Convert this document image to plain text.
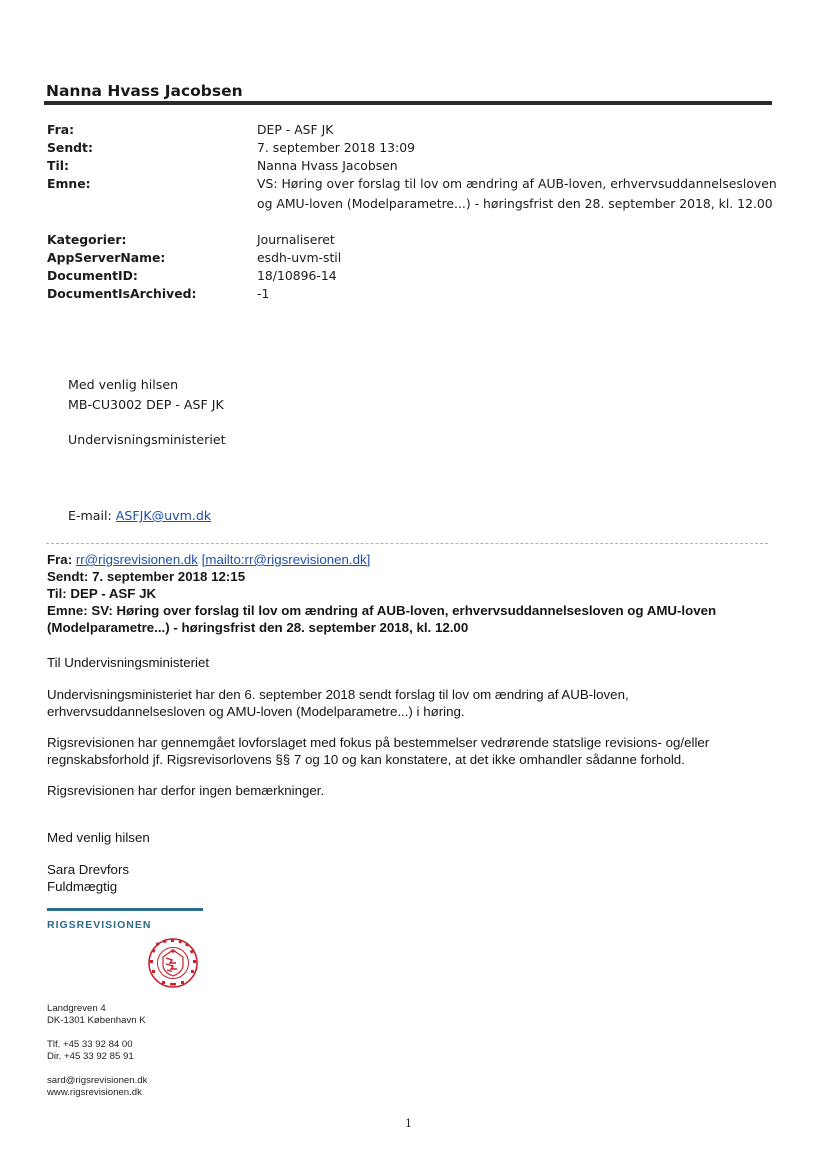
Nanna Hvass Jacobsen
Fra:	DEP - ASF JK
Sendt:	7. september 2018 13:09
Til:	Nanna Hvass Jacobsen
Emne:	VS: Høring over forslag til lov om ændring af AUB-loven, erhvervsuddannelsesloven
og AMU-loven (Modelparametre...) - høringsfrist den 28. september 2018, kl. 12.00
Kategorier:	Journaliseret
AppServerName:	esdh-uvm-stil
DocumentID:	18/10896-14
DocumentIsArchived:	-1
Med venlig hilsen
MB-CU3002 DEP - ASF JK
Undervisningsministeriet
E-mail: ASFJK@uvm.dk
Fra: rr@rigsrevisionen.dk [mailto:rr@rigsrevisionen.dk]
Sendt: 7. september 2018 12:15
Til: DEP - ASF JK
Emne: SV: Høring over forslag til lov om ændring af AUB-loven, erhvervsuddannelsesloven og AMU-loven
(Modelparametre...) - høringsfrist den 28. september 2018, kl. 12.00
Til Undervisningsministeriet
Undervisningsministeriet har den 6. september 2018 sendt forslag til lov om ændring af AUB-loven,
erhvervsuddannelsesloven og AMU-loven (Modelparametre...) i høring.
Rigsrevisionen har gennemgået lovforslaget med fokus på bestemmelser vedrørende statslige revisions- og/eller
regnskabsforhold jf. Rigsrevisorlovens §§ 7 og 10 og kan konstatere, at det ikke omhandler sådanne forhold.
Rigsrevisionen har derfor ingen bemærkninger.
Med venlig hilsen
Sara Drevfors
Fuldmægtig
RIGSREVISIONEN
Landgreven 4
DK-1301 København K
Tlf. +45 33 92 84 00
Dir. +45 33 92 85 91
sard@rigsrevisionen.dk
www.rigsrevisionen.dk
1
